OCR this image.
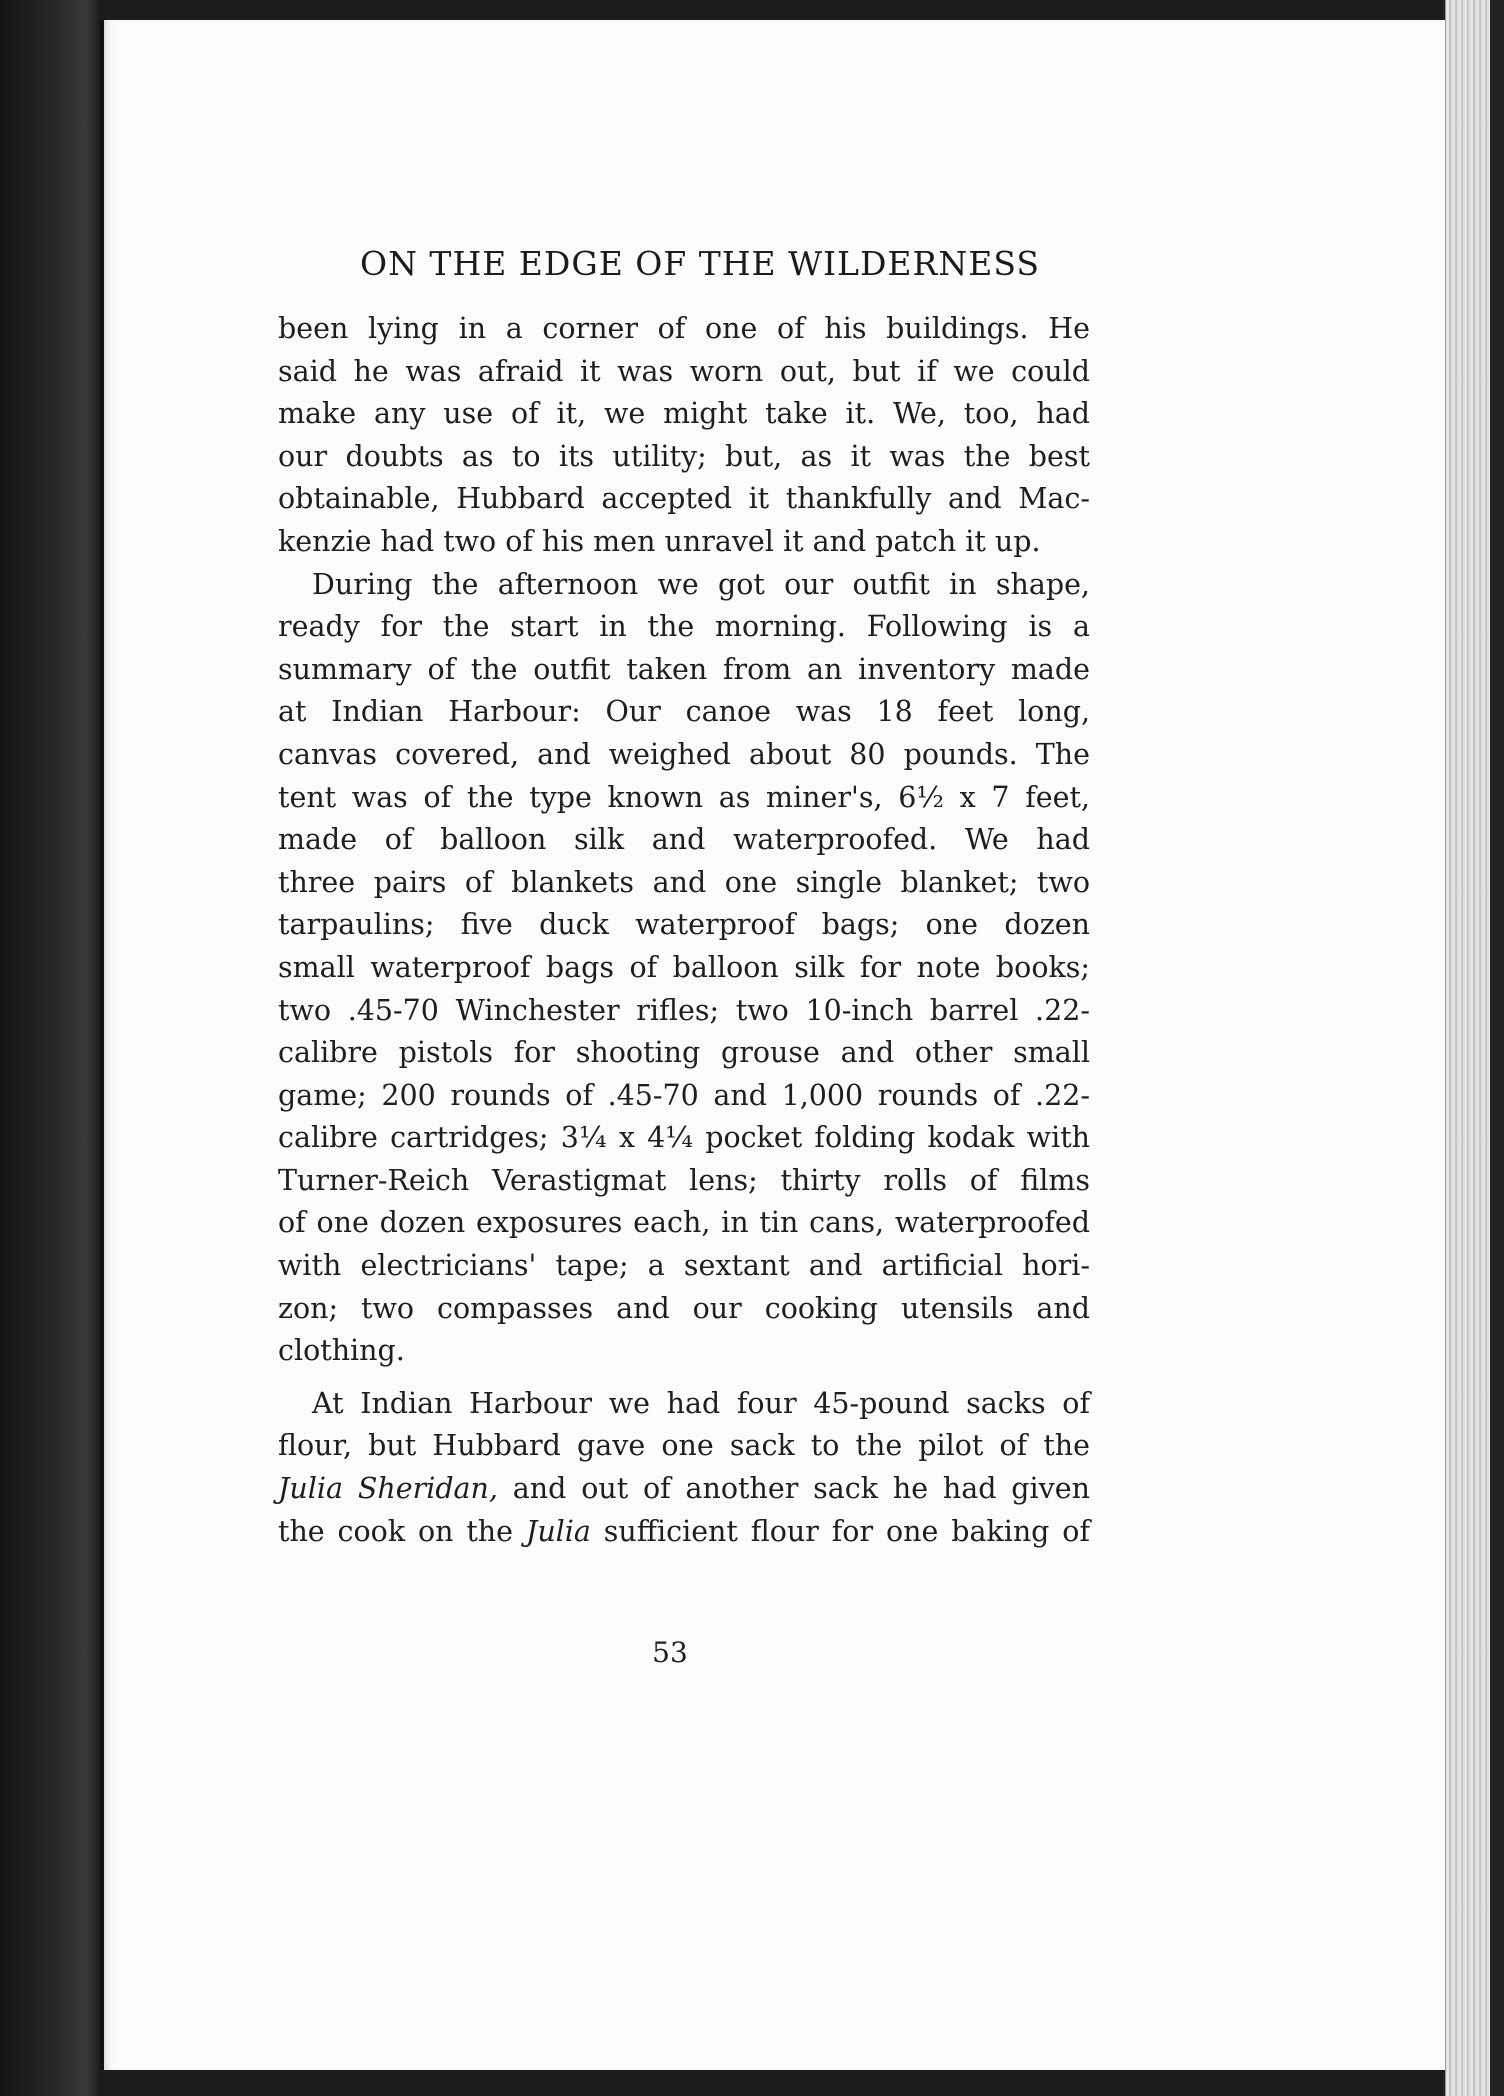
ON THE EDGE OF THE WILDERNESS
been lying in a corner of one of his buildings. He
said he was afraid it was worn out, but if we could
make any use of it, we might take it. We, too, had
our doubts as to its utility; but, as it was the best
obtainable, Hubbard accepted it thankfully and Mac-
kenzie had two of his men unravel it and patch it up.
During the afternoon we got our outfit in shape,
ready for the start in the morning. Following is a
summary of the outfit taken from an inventory made
at Indian Harbour: Our canoe was 18 feet long,
canvas covered, and weighed about 80 pounds. The
tent was of the type known as miner's, 6½ x 7 feet,
made of balloon silk and waterproofed. We had
three pairs of blankets and one single blanket; two
tarpaulins; five duck waterproof bags; one dozen
small waterproof bags of balloon silk for note books;
two .45-70 Winchester rifles; two 10-inch barrel .22-
calibre pistols for shooting grouse and other small
game; 200 rounds of .45-70 and 1,000 rounds of .22-
calibre cartridges; 3¼ x 4¼ pocket folding kodak with
Turner-Reich Verastigmat lens; thirty rolls of films
of one dozen exposures each, in tin cans, waterproofed
with electricians' tape; a sextant and artificial hori-
zon; two compasses and our cooking utensils and
clothing.
At Indian Harbour we had four 45-pound sacks of
flour, but Hubbard gave one sack to the pilot of the
Julia Sheridan, and out of another sack he had given
the cook on the Julia sufficient flour for one baking of
53
